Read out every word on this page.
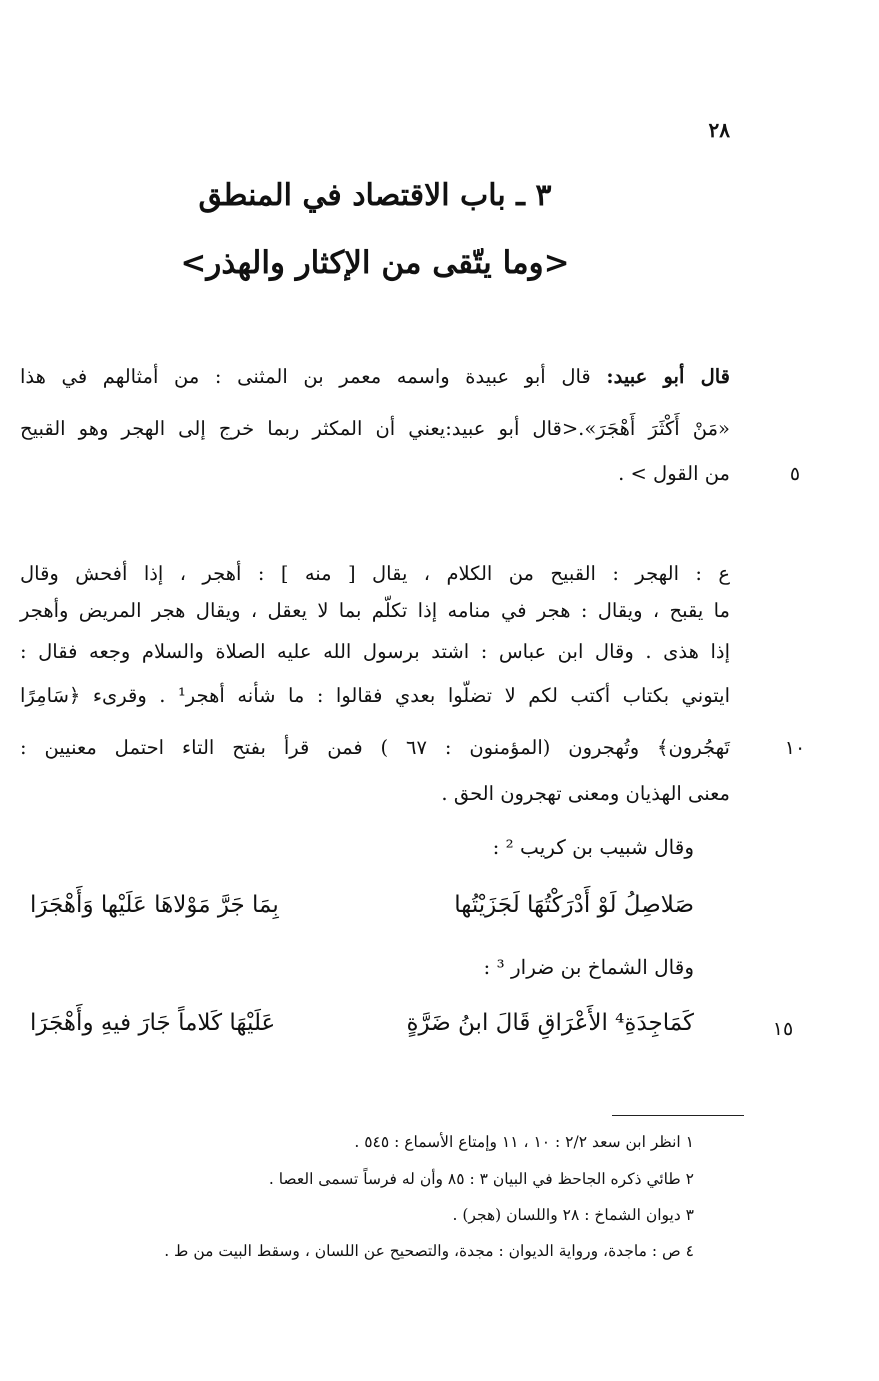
٢٨
٣ ـ باب الاقتصاد في المنطق
<وما يتّقى من الإكثار والهذر>
قال أبو عبيد: قال أبو عبيدة واسمه معمر بن المثنى : من أمثالهم في هذا
«مَنْ أَكْثَرَ أَهْجَرَ».<قال أبو عبيد:يعني أن المكثر ربما خرج إلى الهجر وهو القبيح
من القول > .	٥
ع : الهجر : القبيح من الكلام ، يقال [ منه ] : أهجر ، إذا أفحش وقال
ما يقبح ، ويقال : هجر في منامه إذا تكلّم بما لا يعقل ، ويقال هجر المريض وأهجر
إذا هذى . وقال ابن عباس : اشتد برسول الله عليه الصلاة والسلام وجعه فقال :
ايتوني بكتاب أكتب لكم لا تضلّوا بعدي فقالوا : ما شأنه أهجر¹ . وقرىء ﴿سَامِرًا
تَهجُرون﴾ وتُهجرون (المؤمنون : ٦٧ ) فمن قرأ بفتح التاء احتمل معنيين :	١٠
معنى الهذيان ومعنى تهجرون الحق .
وقال شبيب بن كريب ² :
صَلاصِلُ لَوْ أَدْرَكْتُهَا لَجَزَيْتُها
بِمَا جَرَّ مَوْلاهَا عَلَيْها وَأَهْجَرَا
وقال الشماخ بن ضرار ³ :
كَمَاجِدَةِ⁴ الأَعْرَاقِ قَالَ ابنُ ضَرَّةٍ
عَلَيْهَا كَلاماً جَارَ فيهِ وأَهْجَرَا	١٥
١ انظر ابن سعد ٢/٢ : ١٠ ، ١١ وإمتاع الأسماع : ٥٤٥ .
٢ طائي ذكره الجاحظ في البيان ٣ : ٨٥ وأن له فرساً تسمى العصا .
٣ ديوان الشماخ : ٢٨ واللسان (هجر) .
٤ ص : ماجدة، ورواية الديوان : مجدة، والتصحيح عن اللسان ، وسقط البيت من ط .
